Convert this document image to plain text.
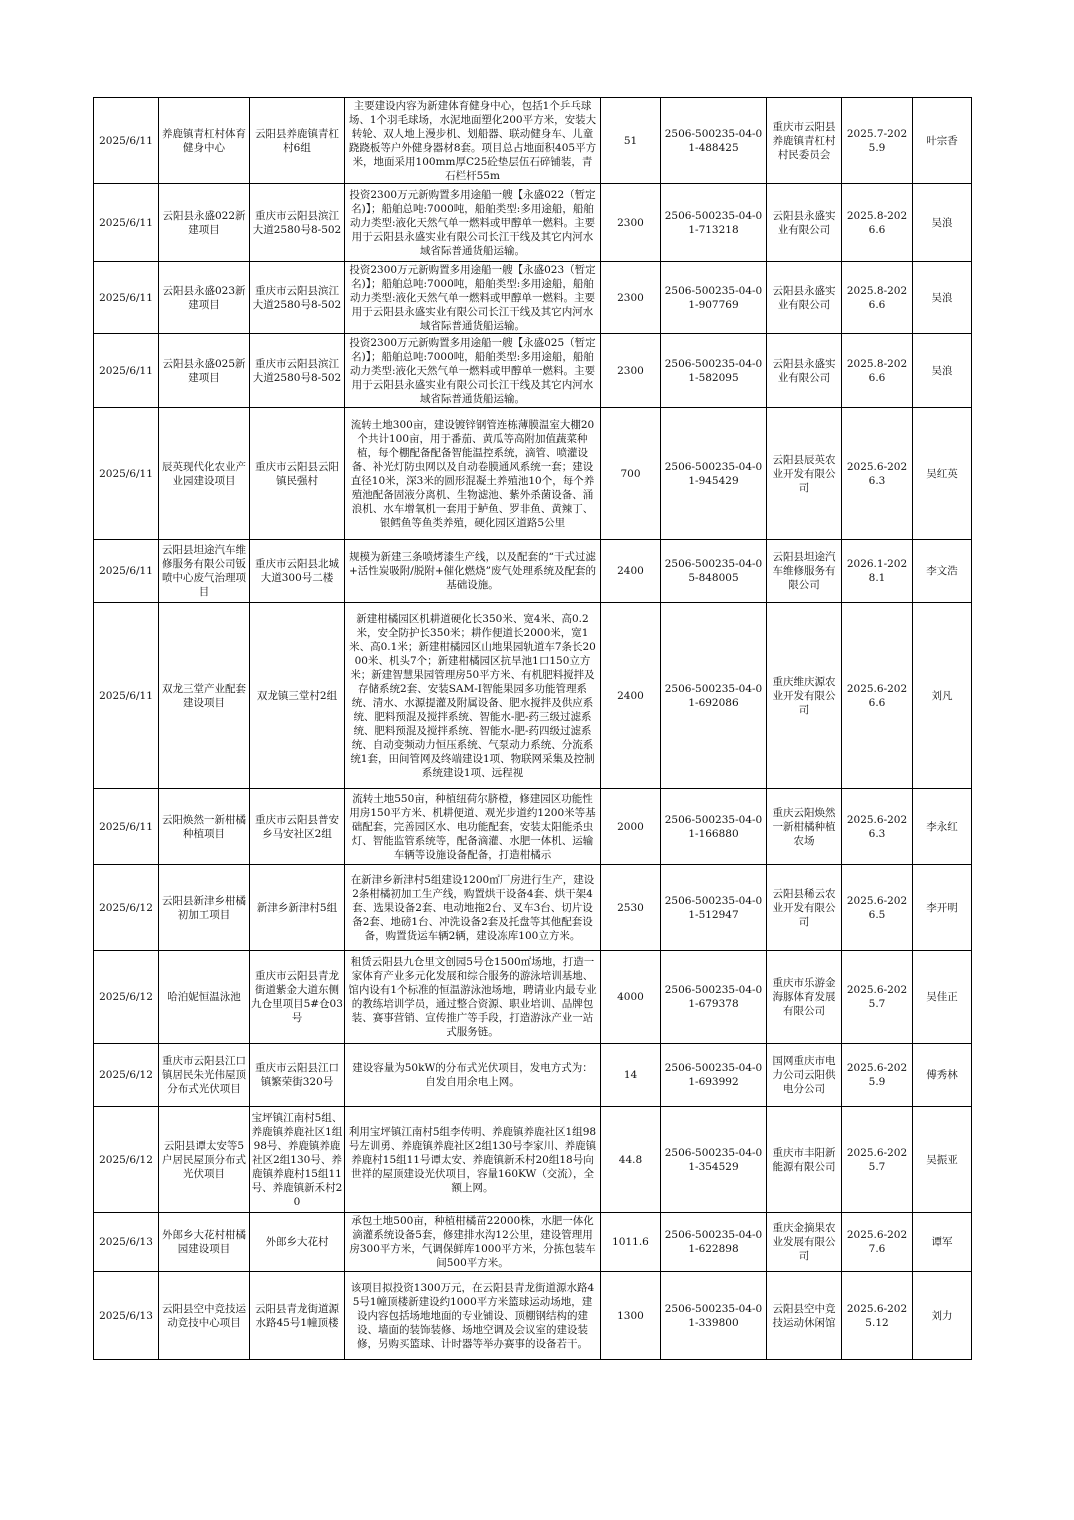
2025/6/11	养鹿镇青杠村体育健身中心	云阳县养鹿镇青杠村6组	主要建设内容为新建体育健身中心，包括1个乒乓球场、1个羽毛球场，水泥地面塑化200平方米，安装大转轮、双人地上漫步机、划船器、联动健身车、儿童跷跷板等户外健身器材8套。项目总占地面积405平方米，地面采用100mm厚C25砼垫层伍石碎铺装，青石栏杆55m	51	2506-500235-04-01-488425	重庆市云阳县养鹿镇青杠村村民委员会	2025.7-2025.9	叶宗香

2025/6/11	云阳县永盛022新建项目	重庆市云阳县滨江大道2580号8-502	投资2300万元新购置多用途船一艘【永盛022（暂定名)】；船舶总吨:7000吨，船舶类型:多用途船，船舶动力类型:液化天然气单一燃料或甲醇单一燃料。主要用于云阳县永盛实业有限公司长江干线及其它内河水域省际普通货船运输。	2300	2506-500235-04-01-713218	云阳县永盛实业有限公司	2025.8-2026.6	吴浪

2025/6/11	云阳县永盛023新建项目	重庆市云阳县滨江大道2580号8-502	投资2300万元新购置多用途船一艘【永盛023（暂定名)】；船舶总吨:7000吨，船舶类型:多用途船，船舶动力类型:液化天然气单一燃料或甲醇单一燃料。主要用于云阳县永盛实业有限公司长江干线及其它内河水域省际普通货船运输。	2300	2506-500235-04-01-907769	云阳县永盛实业有限公司	2025.8-2026.6	吴浪

2025/6/11	云阳县永盛025新建项目	重庆市云阳县滨江大道2580号8-502	投资2300万元新购置多用途船一艘【永盛025（暂定名)】；船舶总吨:7000吨，船舶类型:多用途船，船舶动力类型:液化天然气单一燃料或甲醇单一燃料。主要用于云阳县永盛实业有限公司长江干线及其它内河水域省际普通货船运输。	2300	2506-500235-04-01-582095	云阳县永盛实业有限公司	2025.8-2026.6	吴浪

2025/6/11	辰英现代化农业产业园建设项目	重庆市云阳县云阳镇民强村	流转土地300亩，建设镀锌钢管连栋薄膜温室大棚20个共计100亩，用于番茄、黄瓜等高附加值蔬菜种植，每个棚配备配备智能温控系统，滴管、喷灌设备、补光灯防虫网以及自动卷膜通风系统一套；建设直径10米，深3米的圆形混凝土养殖池10个，每个养殖池配备固液分离机、生物滤池、紫外杀菌设备、涌浪机、水车增氧机一套用于鲈鱼、罗非鱼、黄辣丁、银鳕鱼等鱼类养殖，硬化园区道路5公里	700	2506-500235-04-01-945429	云阳县辰英农业开发有限公司	2025.6-2026.3	吴红英

2025/6/11	云阳县坦途汽车维修服务有限公司钣喷中心废气治理项目	重庆市云阳县北城大道300号二楼	规模为新建三条喷烤漆生产线，以及配套的“干式过滤+活性炭吸附/脱附+催化燃烧”废气处理系统及配套的基础设施。	2400	2506-500235-04-05-848005	云阳县坦途汽车维修服务有限公司	2026.1-2028.1	李文浩

2025/6/11	双龙三堂产业配套建设项目	双龙镇三堂村2组	新建柑橘园区机耕道硬化长350米、宽4米、高0.2米，安全防护长350米；耕作便道长2000米，宽1米、高0.1米；新建柑橘园区山地果园轨道车7条长2000米、机头7个；新建柑橘园区抗旱池1口150立方米；新建智慧果园管理房50平方米、有机肥料搅拌及存储系统2套、安装SAM-Ⅰ智能果园多功能管理系统、清水、水源提灌及附属设备、肥水搅拌及供应系统、肥料预混及搅拌系统、智能水-肥-药三级过滤系统、肥料预混及搅拌系统、智能水-肥-药四级过滤系统、自动变频动力恒压系统、气泵动力系统、分流系统1套，田间管网及终端建设1项、物联网采集及控制系统建设1项、远程视	2400	2506-500235-04-01-692086	重庆维庆源农业开发有限公司	2025.6-2026.6	刘凡

2025/6/11	云阳焕然一新柑橘种植项目	重庆市云阳县普安乡马安社区2组	流转土地550亩，种植纽荷尔脐橙，修建园区功能性用房150平方米、机耕便道、观光步道约1200米等基础配套，完善园区水、电功能配套，安装太阳能杀虫灯、智能监管系统等，配备滴灌、水肥一体机、运输车辆等设施设备配备，打造柑橘示	2000	2506-500235-04-01-166880	重庆云阳焕然一新柑橘种植农场	2025.6-2026.3	李永红

2025/6/12	云阳县新津乡柑橘初加工项目	新津乡新津村5组	在新津乡新津村5组建设1200㎡厂房进行生产，建设2条柑橘初加工生产线，购置烘干设备4套、烘干架4套、选果设备2套、电动地拖2台、叉车3台、切片设备2套、地磅1台、冲洗设备2套及托盘等其他配套设备，购置货运车辆2辆，建设冻库100立方米。	2530	2506-500235-04-01-512947	云阳县稀云农业开发有限公司	2025.6-2026.5	李开明

2025/6/12	哈泊妮恒温泳池	重庆市云阳县青龙街道紫金大道东侧九仓里项目5#仓03号	租赁云阳县九仓里文创园5号仓1500㎡场地，打造一家体育产业多元化发展和综合服务的游泳培训基地、馆内设有1个标准的恒温游泳池场地，聘请业内最专业的教练培训学员，通过整合资源、职业培训、品牌包装、赛事营销、宣传推广等手段，打造游泳产业一站式服务链。	4000	2506-500235-04-01-679378	重庆市乐游金海豚体育发展有限公司	2025.6-2025.7	吴佳正

2025/6/12	重庆市云阳县江口镇居民朱光伟屋顶分布式光伏项目	重庆市云阳县江口镇繁荣街320号	建设容量为50kW的分布式光伏项目，发电方式为：自发自用余电上网。	14	2506-500235-04-01-693992	国网重庆市电力公司云阳供电分公司	2025.6-2025.9	傅秀林

2025/6/12	云阳县谭太安等5户居民屋顶分布式光伏项目	宝坪镇江南村5组、养鹿镇养鹿社区1组98号、养鹿镇养鹿社区2组130号、养鹿镇养鹿村15组11号、养鹿镇新禾村20	利用宝坪镇江南村5组李传明、养鹿镇养鹿社区1组98号左训勇、养鹿镇养鹿社区2组130号李家川、养鹿镇养鹿村15组11号谭太安、养鹿镇新禾村20组18号向世祥的屋顶建设光伏项目，容量160KW（交流），全额上网。	44.8	2506-500235-04-01-354529	重庆市丰阳新能源有限公司	2025.6-2025.7	吴振亚

2025/6/13	外郎乡大花村柑橘园建设项目	外郎乡大花村	承包土地500亩，种植柑橘苗22000株，水肥一体化滴灌系统设备5套，修建排水沟12公里，建设管理用房300平方米，气调保鲜库1000平方米，分拣包装车间500平方米。	1011.6	2506-500235-04-01-622898	重庆金摘果农业发展有限公司	2025.6-2027.6	谭军

2025/6/13	云阳县空中竞技运动竞技中心项目	云阳县青龙街道源水路45号1幢顶楼	该项目拟投资1300万元，在云阳县青龙街道源水路45号1幢顶楼新建设约1000平方米篮球运动场地，建设内容包括场地地面的专业铺设、顶棚钢结构的建设、墙面的装饰装修、场地空调及会议室的建设装修，另购买篮球、计时器等举办赛事的设备若干。	1300	2506-500235-04-01-339800	云阳县空中竞技运动休闲馆	2025.6-2025.12	刘力
